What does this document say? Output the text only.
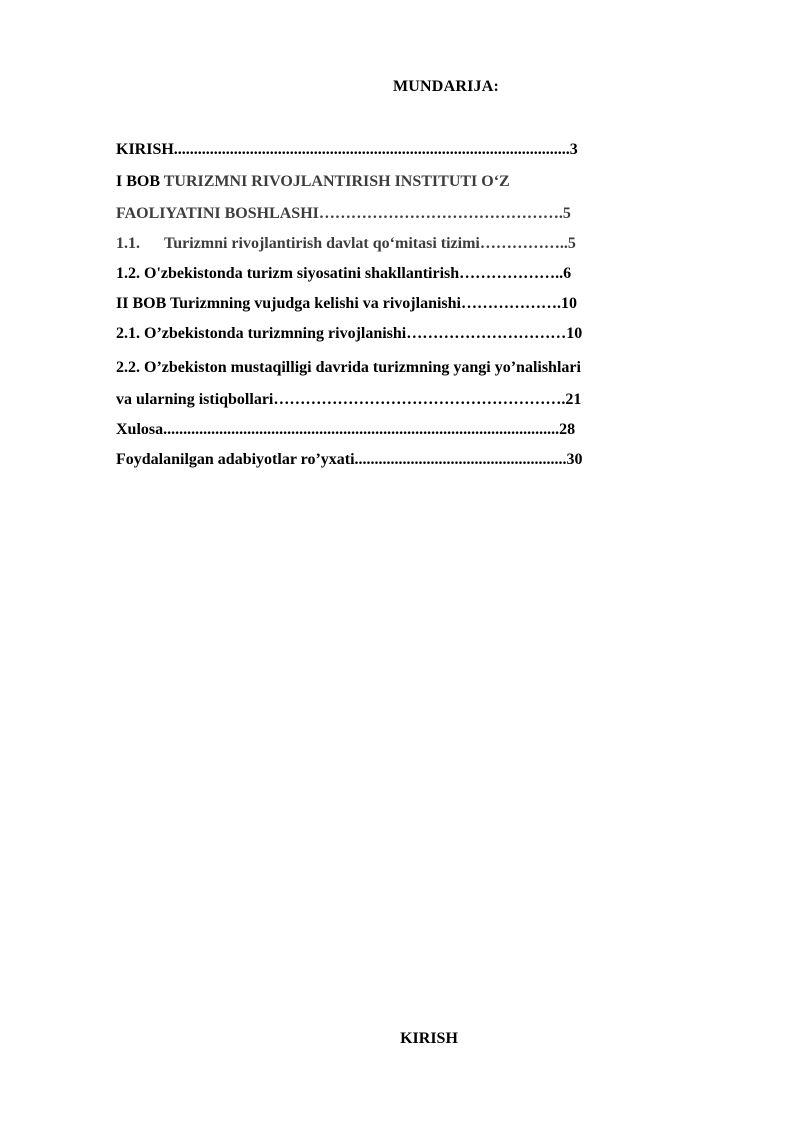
MUNDARIJA:
KIRISH...................................................................................................3
I BOB TURIZMNI RIVOJLANTIRISH INSTITUTI O‘Z
FAOLIYATINI BOSHLASHI……………………………………….5
1.1. Turizmni rivojlantirish davlat qo‘mitasi tizimi……………..5
1.2. O'zbekistonda turizm siyosatini shakllantirish………………..6
II BOB Turizmning vujudga kelishi va rivojlanishi……………….10
2.1. O’zbekistonda turizmning rivojlanishi…………………………10
2.2. O’zbekiston mustaqilligi davrida turizmning yangi yo’nalishlari
va ularning istiqbollari……………………………………………….21
Xulosa...................................................................................................28
Foydalanilgan adabiyotlar ro’yxati.....................................................30
KIRISH
